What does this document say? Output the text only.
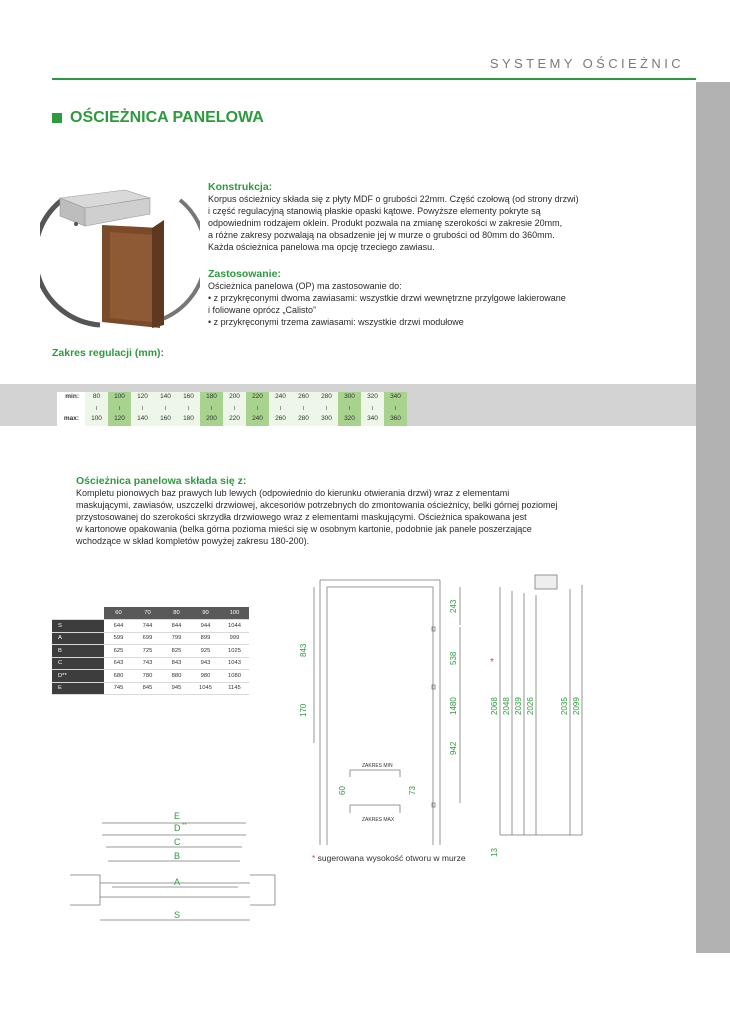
SYSTEMY OŚCIEŻNIC
OŚCIEŻNICA PANELOWA
Konstrukcja:
Korpus ościeżnicy składa się z płyty MDF o grubości 22mm. Część czołową (od strony drzwi)
i część regulacyjną stanowią płaskie opaski kątowe. Powyższe elementy pokryte są
odpowiednim rodzajem oklein. Produkt pozwala na zmianę szerokości w zakresie 20mm,
a różne zakresy pozwalają na obsadzenie jej w murze o grubości od 80mm do 360mm.
Każda ościeżnica panelowa ma opcję trzeciego zawiasu.
Zastosowanie:
Ościeżnica panelowa (OP) ma zastosowanie do:
• z przykręconymi dwoma zawiasami: wszystkie drzwi wewnętrzne przylgowe lakierowane
i foliowane oprócz „Calisto”
• z przykręconymi trzema zawiasami: wszystkie drzwi modułowe
Zakres regulacji (mm):
min:	80	100	120	140	160	180	200	220	240	260	280	300	320	340
I	I	I	I	I	I	I	I	I	I	I	I	I	I
max:	100	120	140	160	180	200	220	240	260	280	300	320	340	360
Ościeżnica panelowa składa się z:
Kompletu pionowych baz prawych lub lewych (odpowiednio do kierunku otwierania drzwi) wraz z elementami
maskującymi, zawiasów, uszczelki drzwiowej, akcesoriów potrzebnych do zmontowania ościeżnicy, belki górnej poziomej
przystosowanej do szerokości skrzydła drzwiowego wraz z elementami maskującymi. Ościeżnica spakowana jest
w kartonowe opakowania (belka górna pozioma mieści się w osobnym kartonie, podobnie jak panele poszerzające
wchodzące w skład kompletów powyżej zakresu 180-200).
	60	70	80	90	100
S	644	744	844	944	1044
A	599	699	799	899	999
B	625	725	825	925	1025
C	643	743	843	943	1043
D**	680	780	880	980	1080
E	745	845	945	1045	1145
843
170
243
538
1480
942
2068 2048 2039 2026	2035 2099
13
60	73
E
D **
C
B
A
S
ZAKRES MIN
ZAKRES MAX
*
* sugerowana wysokość otworu w murze
